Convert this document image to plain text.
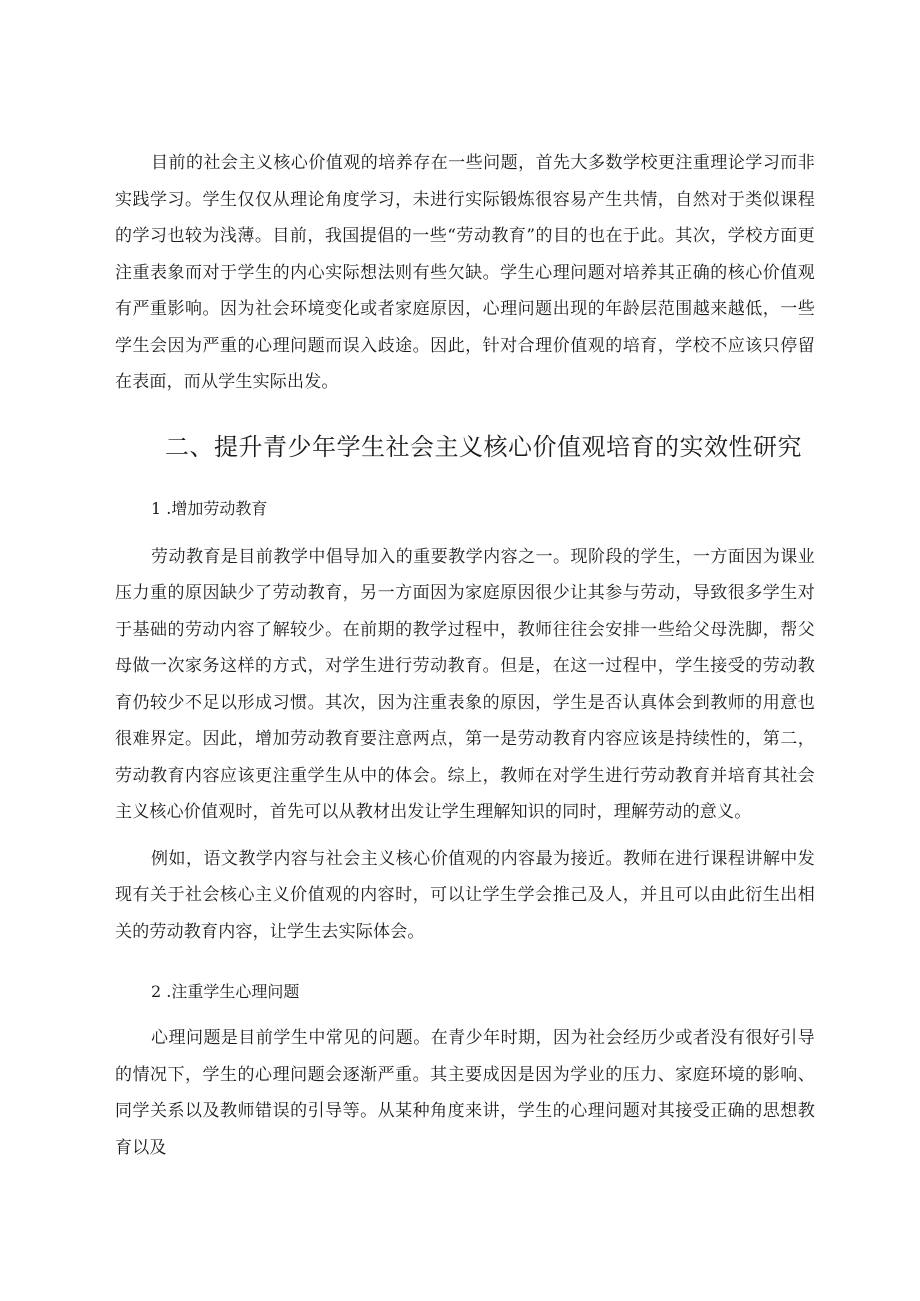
目前的社会主义核心价值观的培养存在一些问题，首先大多数学校更注重理论学习而非实践学习。学生仅仅从理论角度学习，未进行实际锻炼很容易产生共情，自然对于类似课程的学习也较为浅薄。目前，我国提倡的一些“劳动教育”的目的也在于此。其次，学校方面更注重表象而对于学生的内心实际想法则有些欠缺。学生心理问题对培养其正确的核心价值观有严重影响。因为社会环境变化或者家庭原因，心理问题出现的年龄层范围越来越低，一些学生会因为严重的心理问题而误入歧途。因此，针对合理价值观的培育，学校不应该只停留在表面，而从学生实际出发。

二、提升青少年学生社会主义核心价值观培育的实效性研究
1 .增加劳动教育

劳动教育是目前教学中倡导加入的重要教学内容之一。现阶段的学生，一方面因为课业压力重的原因缺少了劳动教育，另一方面因为家庭原因很少让其参与劳动，导致很多学生对于基础的劳动内容了解较少。在前期的教学过程中，教师往往会安排一些给父母洗脚，帮父母做一次家务这样的方式，对学生进行劳动教育。但是，在这一过程中，学生接受的劳动教育仍较少不足以形成习惯。其次，因为注重表象的原因，学生是否认真体会到教师的用意也很难界定。因此，增加劳动教育要注意两点，第一是劳动教育内容应该是持续性的，第二，劳动教育内容应该更注重学生从中的体会。综上，教师在对学生进行劳动教育并培育其社会主义核心价值观时，首先可以从教材出发让学生理解知识的同时，理解劳动的意义。

例如，语文教学内容与社会主义核心价值观的内容最为接近。教师在进行课程讲解中发现有关于社会核心主义价值观的内容时，可以让学生学会推己及人，并且可以由此衍生出相关的劳动教育内容，让学生去实际体会。

2 .注重学生心理问题

心理问题是目前学生中常见的问题。在青少年时期，因为社会经历少或者没有很好引导的情况下，学生的心理问题会逐渐严重。其主要成因是因为学业的压力、家庭环境的影响、同学关系以及教师错误的引导等。从某种角度来讲，学生的心理问题对其接受正确的思想教育以及
